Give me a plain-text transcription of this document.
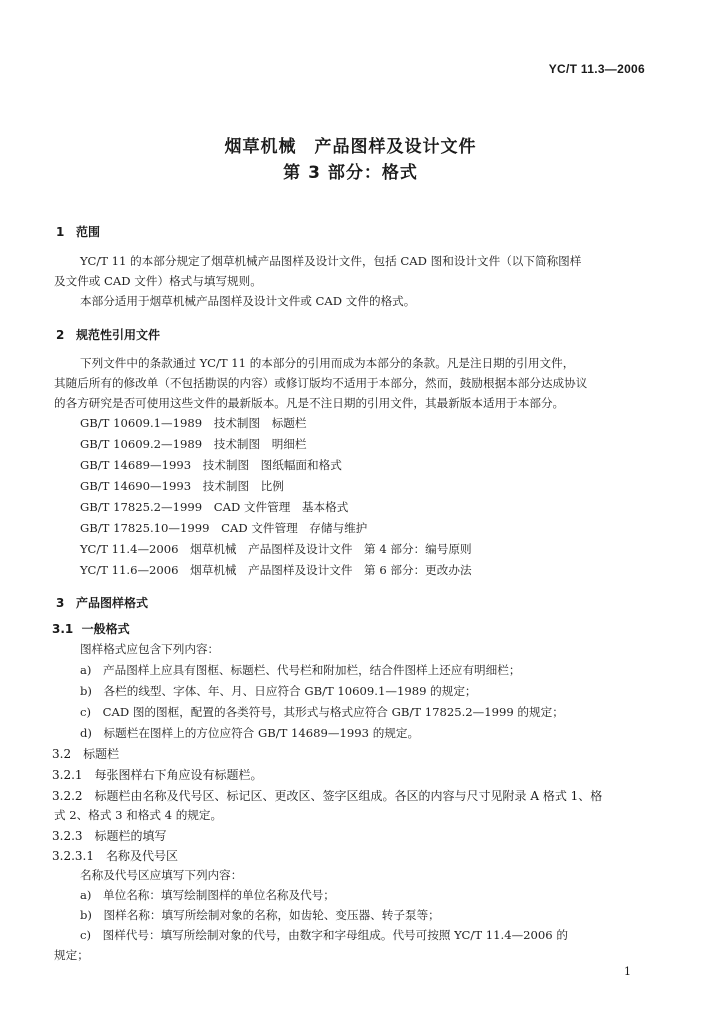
YC/T 11.3—2006
烟草机械　产品图样及设计文件
第 3 部分：格式
1 范围
YC/T 11 的本部分规定了烟草机械产品图样及设计文件，包括 CAD 图和设计文件（以下简称图样
及文件或 CAD 文件）格式与填写规则。
本部分适用于烟草机械产品图样及设计文件或 CAD 文件的格式。
2 规范性引用文件
下列文件中的条款通过 YC/T 11 的本部分的引用而成为本部分的条款。凡是注日期的引用文件，
其随后所有的修改单（不包括勘误的内容）或修订版均不适用于本部分，然而，鼓励根据本部分达成协议
的各方研究是否可使用这些文件的最新版本。凡是不注日期的引用文件，其最新版本适用于本部分。
GB/T 10609.1—1989　技术制图　标题栏
GB/T 10609.2—1989　技术制图　明细栏
GB/T 14689—1993　技术制图　图纸幅面和格式
GB/T 14690—1993　技术制图　比例
GB/T 17825.2—1999　CAD 文件管理　基本格式
GB/T 17825.10—1999　CAD 文件管理　存储与维护
YC/T 11.4—2006　烟草机械　产品图样及设计文件　第 4 部分：编号原则
YC/T 11.6—2006　烟草机械　产品图样及设计文件　第 6 部分：更改办法
3 产品图样格式
3.1 一般格式
图样格式应包含下列内容：
a)　产品图样上应具有图框、标题栏、代号栏和附加栏，结合件图样上还应有明细栏；
b)　各栏的线型、字体、年、月、日应符合 GB/T 10609.1—1989 的规定；
c)　CAD 图的图框，配置的各类符号，其形式与格式应符合 GB/T 17825.2—1999 的规定；
d)　标题栏在图样上的方位应符合 GB/T 14689—1993 的规定。
3.2　标题栏
3.2.1　每张图样右下角应设有标题栏。
3.2.2　标题栏由名称及代号区、标记区、更改区、签字区组成。各区的内容与尺寸见附录 A 格式 1、格
式 2、格式 3 和格式 4 的规定。
3.2.3　标题栏的填写
3.2.3.1　名称及代号区
名称及代号区应填写下列内容：
a)　单位名称：填写绘制图样的单位名称及代号；
b)　图样名称：填写所绘制对象的名称，如齿轮、变压器、转子泵等；
c)　图样代号：填写所绘制对象的代号，由数字和字母组成。代号可按照 YC/T 11.4—2006 的
规定；
1
